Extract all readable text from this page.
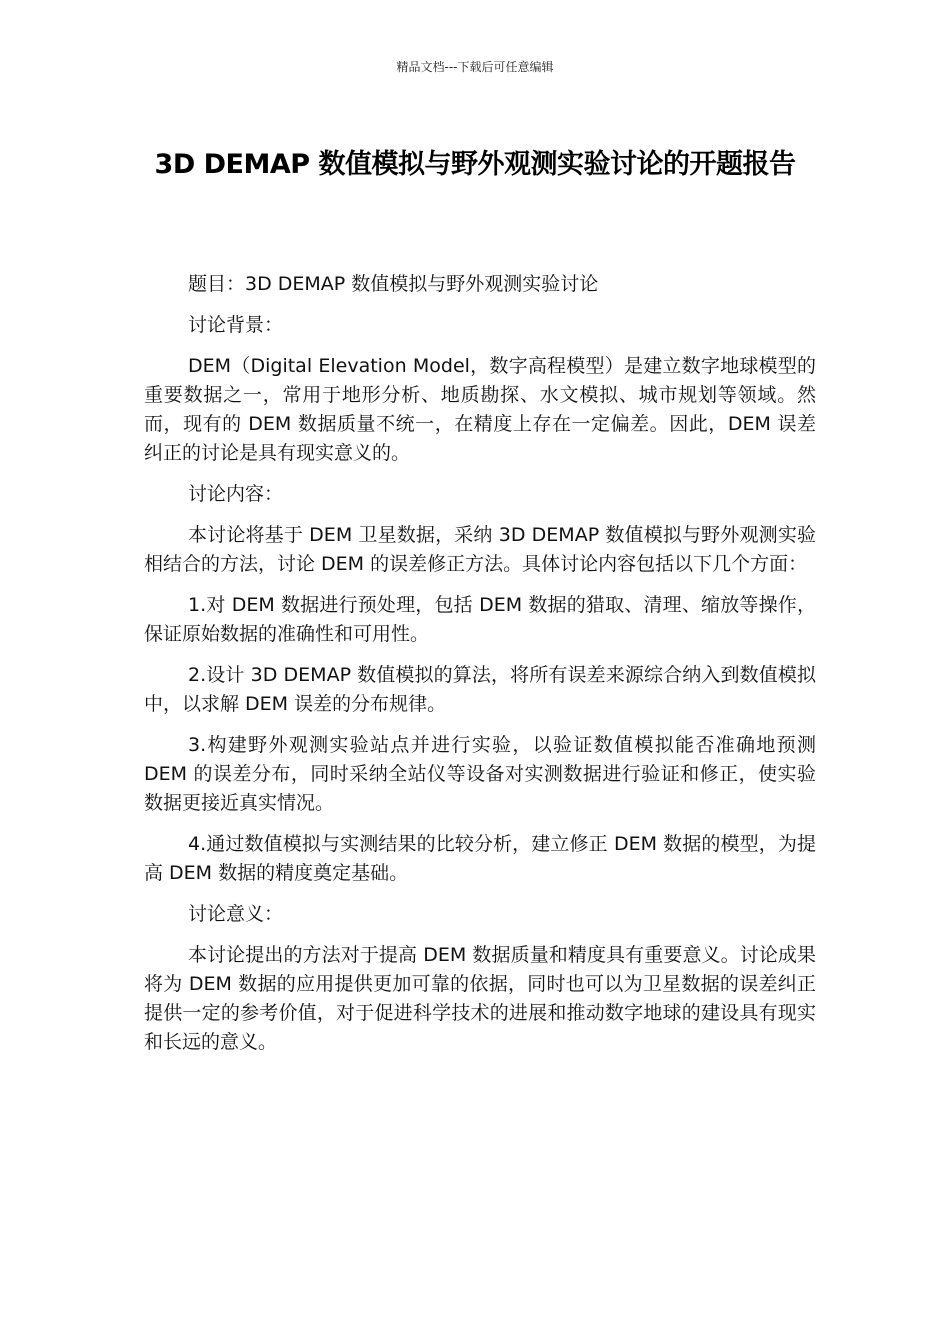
精品文档---下载后可任意编辑
3D DEMAP 数值模拟与野外观测实验讨论的开题报告

题目：3D DEMAP 数值模拟与野外观测实验讨论

讨论背景：

DEM（Digital Elevation Model，数字高程模型）是建立数字地球模型的重要数据之一，常用于地形分析、地质勘探、水文模拟、城市规划等领域。然而，现有的 DEM 数据质量不统一，在精度上存在一定偏差。因此，DEM 误差纠正的讨论是具有现实意义的。

讨论内容：

本讨论将基于 DEM 卫星数据，采纳 3D DEMAP 数值模拟与野外观测实验相结合的方法，讨论 DEM 的误差修正方法。具体讨论内容包括以下几个方面：

1.对 DEM 数据进行预处理，包括 DEM 数据的猎取、清理、缩放等操作，保证原始数据的准确性和可用性。

2.设计 3D DEMAP 数值模拟的算法，将所有误差来源综合纳入到数值模拟中，以求解 DEM 误差的分布规律。

3.构建野外观测实验站点并进行实验，以验证数值模拟能否准确地预测 DEM 的误差分布，同时采纳全站仪等设备对实测数据进行验证和修正，使实验数据更接近真实情况。

4.通过数值模拟与实测结果的比较分析，建立修正 DEM 数据的模型，为提高 DEM 数据的精度奠定基础。

讨论意义：

本讨论提出的方法对于提高 DEM 数据质量和精度具有重要意义。讨论成果将为 DEM 数据的应用提供更加可靠的依据，同时也可以为卫星数据的误差纠正提供一定的参考价值，对于促进科学技术的进展和推动数字地球的建设具有现实和长远的意义。
